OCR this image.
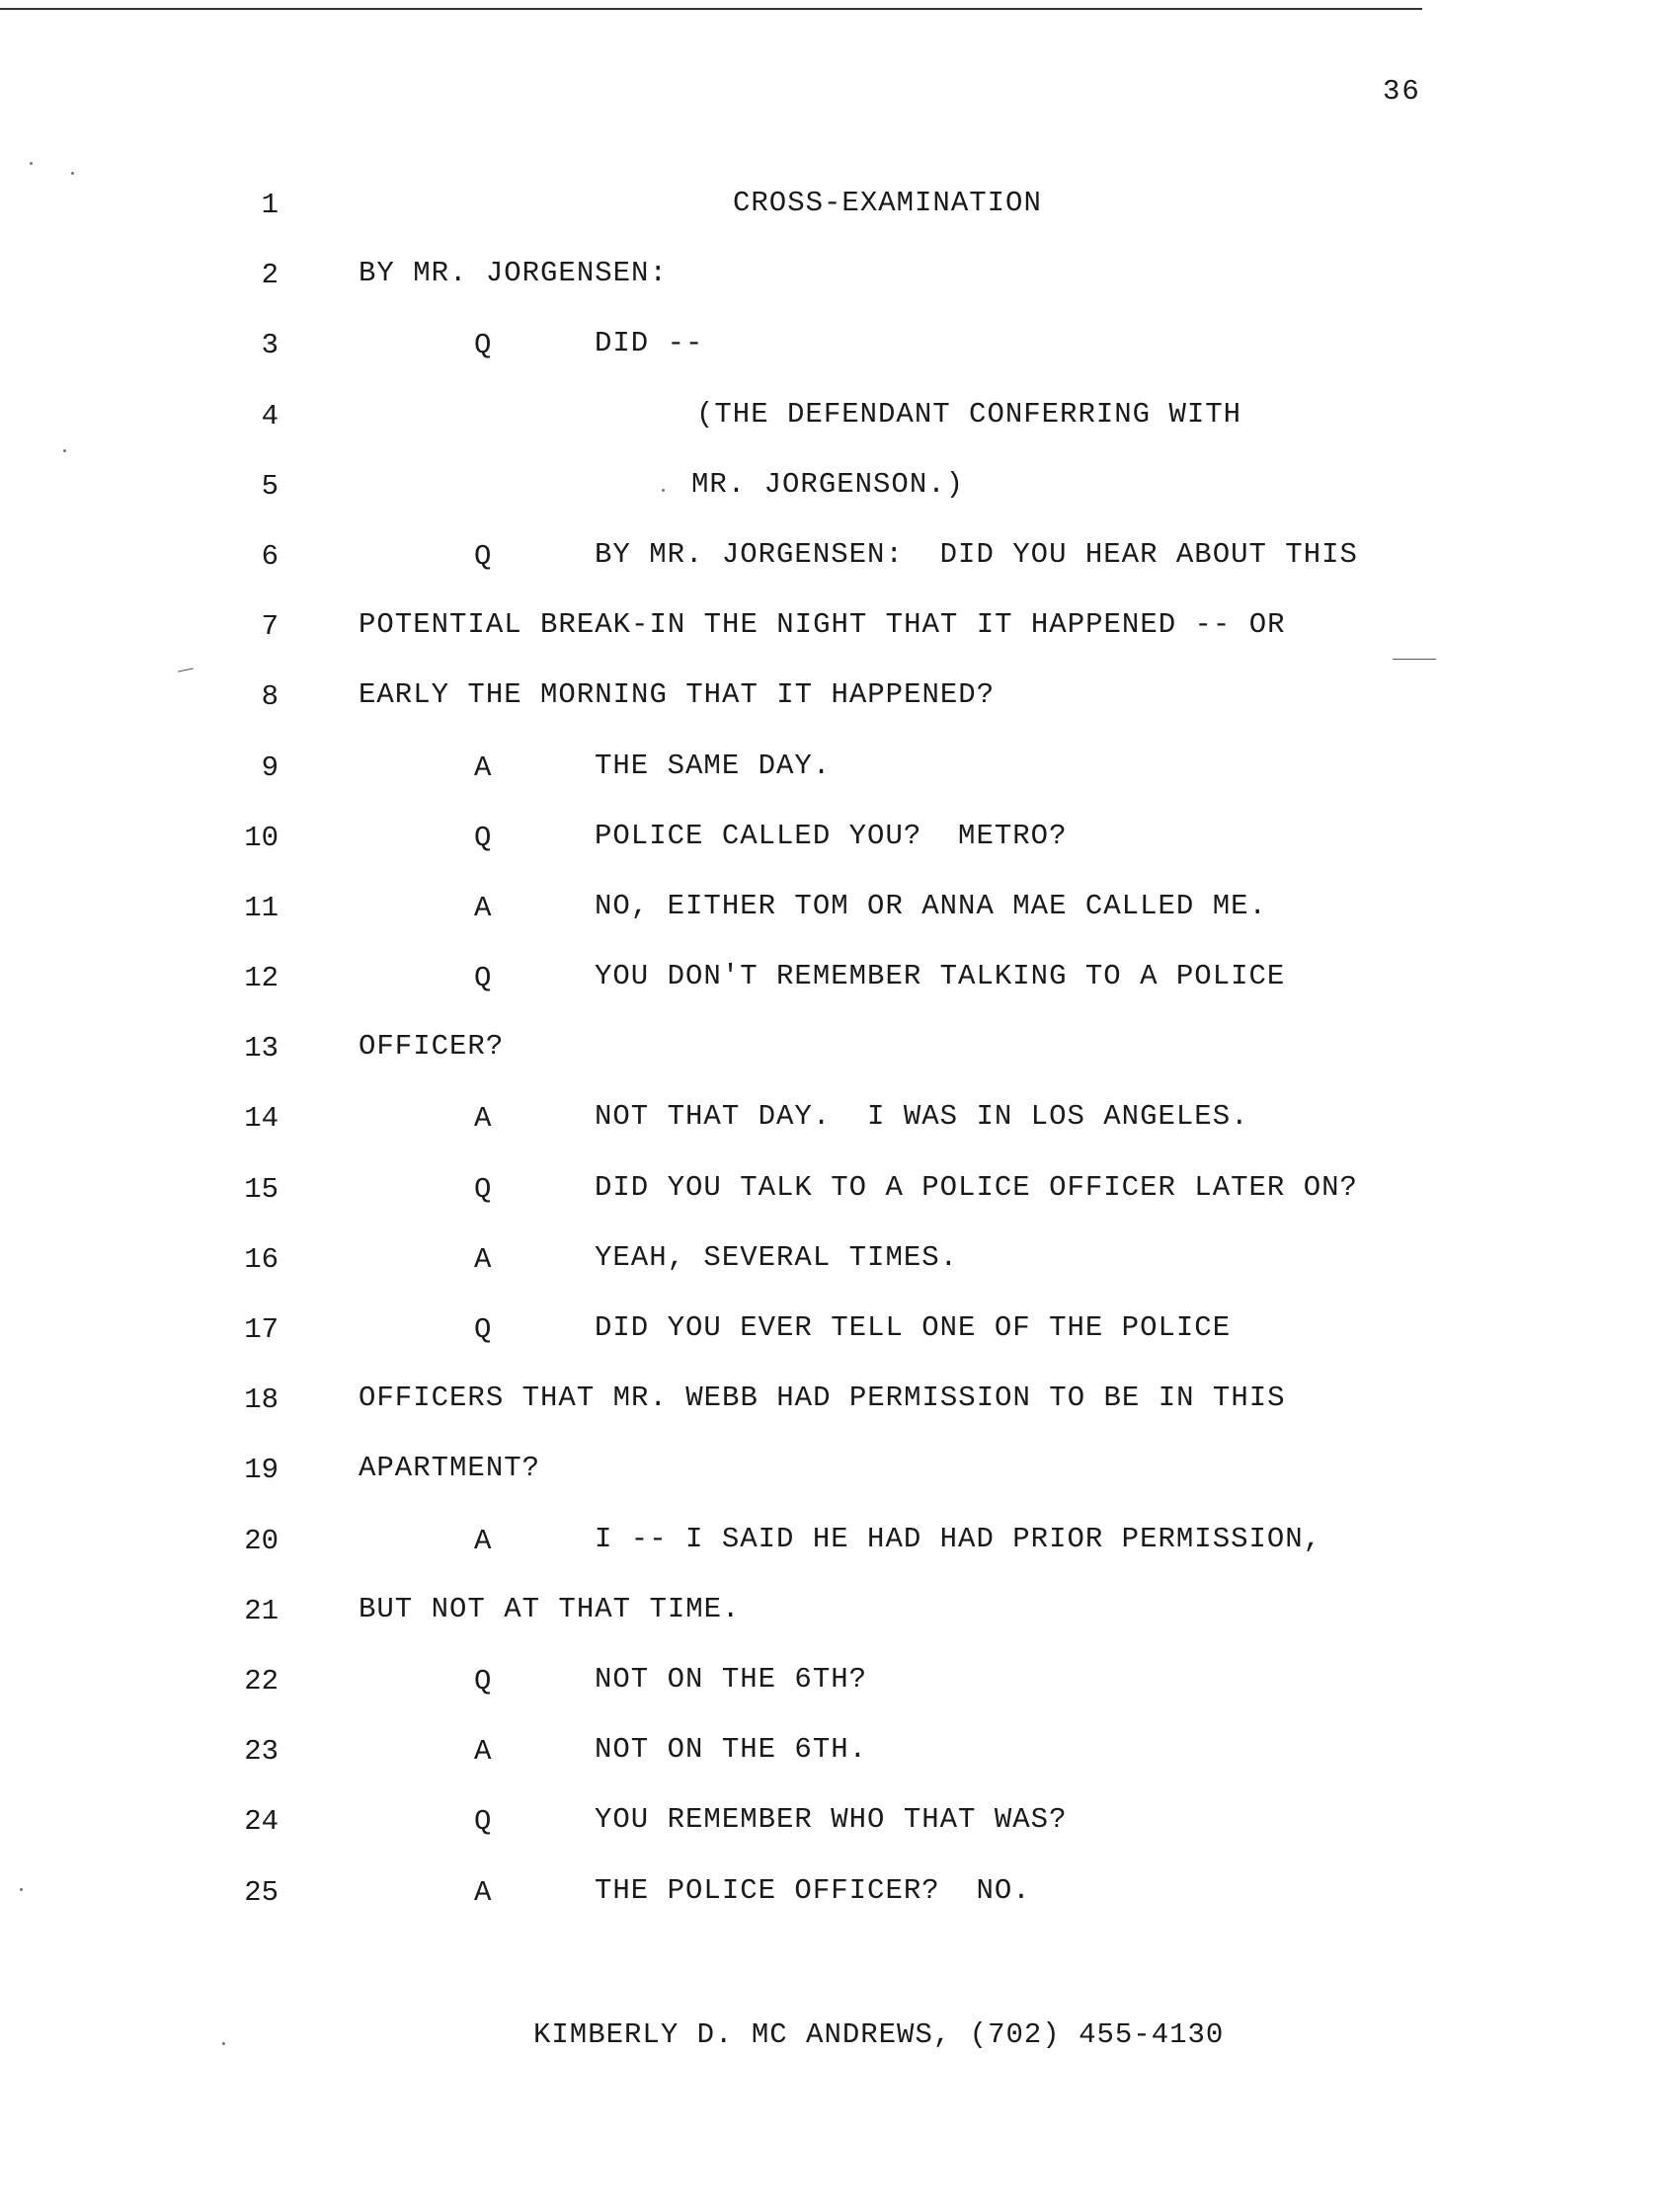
36
1	CROSS-EXAMINATION
2	BY MR. JORGENSEN:
3	Q	DID --
4	(THE DEFENDANT CONFERRING WITH
5	MR. JORGENSON.)
6	Q	BY MR. JORGENSEN:  DID YOU HEAR ABOUT THIS
7	POTENTIAL BREAK-IN THE NIGHT THAT IT HAPPENED -- OR
8	EARLY THE MORNING THAT IT HAPPENED?
9	A	THE SAME DAY.
10	Q	POLICE CALLED YOU?  METRO?
11	A	NO, EITHER TOM OR ANNA MAE CALLED ME.
12	Q	YOU DON'T REMEMBER TALKING TO A POLICE
13	OFFICER?
14	A	NOT THAT DAY.  I WAS IN LOS ANGELES.
15	Q	DID YOU TALK TO A POLICE OFFICER LATER ON?
16	A	YEAH, SEVERAL TIMES.
17	Q	DID YOU EVER TELL ONE OF THE POLICE
18	OFFICERS THAT MR. WEBB HAD PERMISSION TO BE IN THIS
19	APARTMENT?
20	A	I -- I SAID HE HAD HAD PRIOR PERMISSION,
21	BUT NOT AT THAT TIME.
22	Q	NOT ON THE 6TH?
23	A	NOT ON THE 6TH.
24	Q	YOU REMEMBER WHO THAT WAS?
25	A	THE POLICE OFFICER?  NO.
KIMBERLY D. MC ANDREWS, (702) 455-4130
